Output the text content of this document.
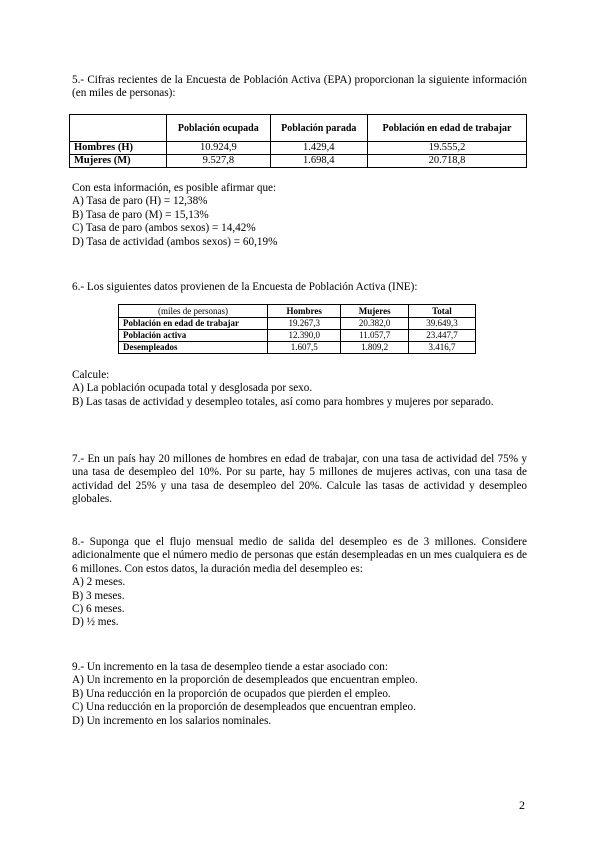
5.- Cifras recientes de la Encuesta de Población Activa (EPA) proporcionan la siguiente información (en miles de personas):

	Población ocupada	Población parada	Población en edad de trabajar
Hombres (H)	10.924,9	1.429,4	19.555,2
Mujeres (M)	9.527,8	1.698,4	20.718,8

Con esta información, es posible afirmar que:

A) Tasa de paro (H) = 12,38%

B) Tasa de paro (M) = 15,13%

C) Tasa de paro (ambos sexos) = 14,42%

D) Tasa de actividad (ambos sexos) = 60,19%

6.- Los siguientes datos provienen de la Encuesta de Población Activa (INE):

(miles de personas)	Hombres	Mujeres	Total
Población en edad de trabajar	19.267,3	20.382,0	39.649,3
Población activa	12.390,0	11.057,7	23.447,7
Desempleados	1.607,5	1.809,2	3.416,7

Calcule:

A) La población ocupada total y desglosada por sexo.

B) Las tasas de actividad y desempleo totales, así como para hombres y mujeres por separado.

7.- En un país hay 20 millones de hombres en edad de trabajar, con una tasa de actividad del 75% y una tasa de desempleo del 10%. Por su parte, hay 5 millones de mujeres activas, con una tasa de actividad del 25% y una tasa de desempleo del 20%. Calcule las tasas de actividad y desempleo globales.

8.- Suponga que el flujo mensual medio de salida del desempleo es de 3 millones. Considere adicionalmente que el número medio de personas que están desempleadas en un mes cualquiera es de 6 millones. Con estos datos, la duración media del desempleo es:

A) 2 meses.

B) 3 meses.

C) 6 meses.

D) ½ mes.

9.- Un incremento en la tasa de desempleo tiende a estar asociado con:

A) Un incremento en la proporción de desempleados que encuentran empleo.

B) Una reducción en la proporción de ocupados que pierden el empleo.

C) Una reducción en la proporción de desempleados que encuentran empleo.

D) Un incremento en los salarios nominales.

2
